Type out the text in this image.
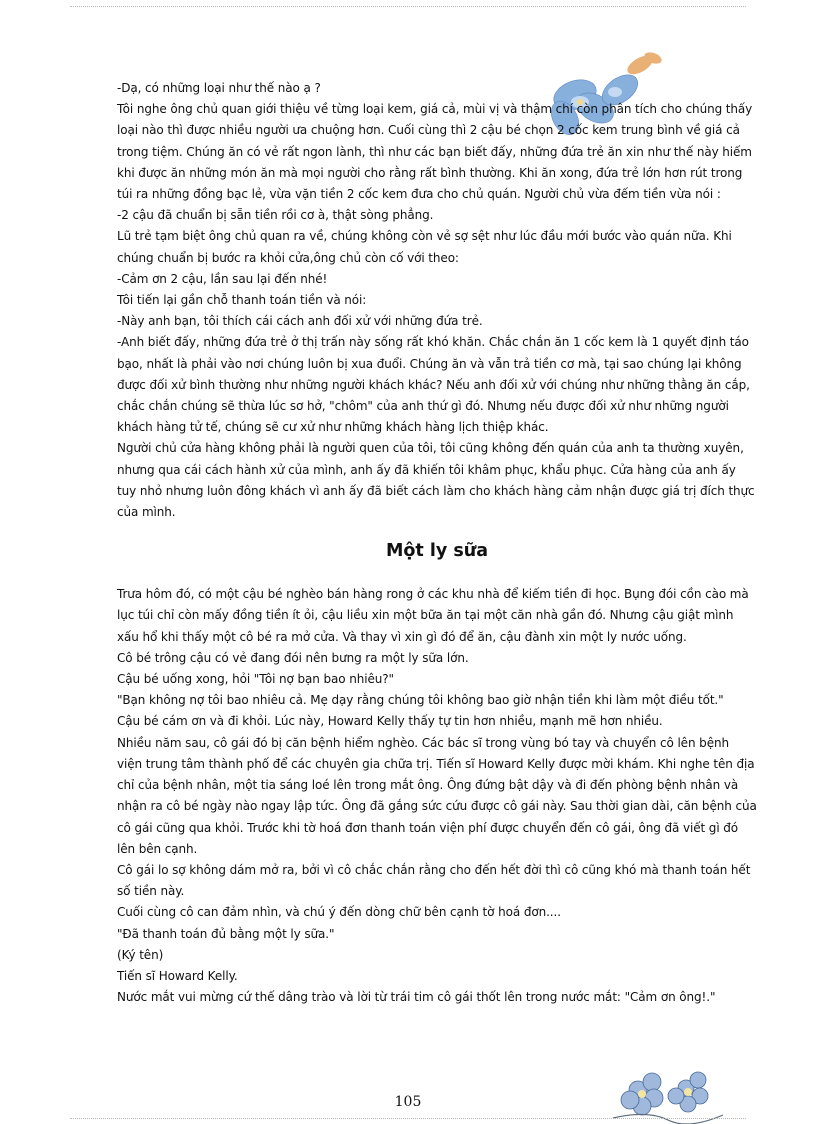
-Dạ, có những loại như thế nào ạ ?

Tôi nghe ông chủ quan giới thiệu về từng loại kem, giá cả, mùi vị và thậm chí còn phân tích cho chúng thấy loại nào thì được nhiều người ưa chuộng hơn. Cuối cùng thì 2 cậu bé chọn 2 cốc kem trung bình về giá cả trong tiệm. Chúng ăn có vẻ rất ngon lành, thì như các bạn biết đấy, những đứa trẻ ăn xin như thế này hiếm khi được ăn những món ăn mà mọi người cho rằng rất bình thường. Khi ăn xong, đứa trẻ lớn hơn rút trong túi ra những đồng bạc lẻ, vừa vặn tiền 2 cốc kem đưa cho chủ quán. Người chủ vừa đếm tiền vừa nói :

-2 cậu đã chuẩn bị sẵn tiền rồi cơ à, thật sòng phẳng.

Lũ trẻ tạm biệt ông chủ quan ra về, chúng không còn vẻ sợ sệt như lúc đầu mới bước vào quán nữa. Khi chúng chuẩn bị bước ra khỏi cửa,ông chủ còn cố với theo:

-Cảm ơn 2 cậu, lần sau lại đến nhé!

Tôi tiến lại gần chỗ thanh toán tiền và nói:

-Này anh bạn, tôi thích cái cách anh đối xử với những đứa trẻ.

-Anh biết đấy, những đứa trẻ ở thị trấn này sống rất khó khăn. Chắc chắn ăn 1 cốc kem là 1 quyết định táo bạo, nhất là phải vào nơi chúng luôn bị xua đuổi. Chúng ăn và vẫn trả tiền cơ mà, tại sao chúng lại không được đối xử bình thường như những người khách khác? Nếu anh đối xử với chúng như những thằng ăn cắp, chắc chắn chúng sẽ thừa lúc sơ hở, "chôm" của anh thứ gì đó. Nhưng nếu được đối xử như những người khách hàng tử tế, chúng sẽ cư xử như những khách hàng lịch thiệp khác.

Người chủ cửa hàng không phải là người quen của tôi, tôi cũng không đến quán của anh ta thường xuyên, nhưng qua cái cách hành xử của mình, anh ấy đã khiến tôi khâm phục, khẩu phục. Cửa hàng của anh ấy tuy nhỏ nhưng luôn đông khách vì anh ấy đã biết cách làm cho khách hàng cảm nhận được giá trị đích thực của mình.

Một ly sữa

Trưa hôm đó, có một cậu bé nghèo bán hàng rong ở các khu nhà để kiếm tiền đi học. Bụng đói cồn cào mà lục túi chỉ còn mấy đồng tiền ít ỏi, cậu liều xin một bữa ăn tại một căn nhà gần đó. Nhưng cậu giật mình xấu hổ khi thấy một cô bé ra mở cửa. Và thay vì xin gì đó để ăn, cậu đành xin một ly nước uống.

Cô bé trông cậu có vẻ đang đói nên bưng ra một ly sữa lớn.

Cậu bé uống xong, hỏi "Tôi nợ bạn bao nhiêu?"

"Bạn không nợ tôi bao nhiêu cả. Mẹ dạy rằng chúng tôi không bao giờ nhận tiền khi làm một điều tốt."

Cậu bé cám ơn và đi khỏi. Lúc này, Howard Kelly thấy tự tin hơn nhiều, mạnh mẽ hơn nhiều.

Nhiều năm sau, cô gái đó bị căn bệnh hiểm nghèo. Các bác sĩ trong vùng bó tay và chuyển cô lên bệnh viện trung tâm thành phố để các chuyên gia chữa trị. Tiến sĩ Howard Kelly được mời khám. Khi nghe tên địa chỉ của bệnh nhân, một tia sáng loé lên trong mắt ông. Ông đứng bật dậy và đi đến phòng bệnh nhân và nhận ra cô bé ngày nào ngay lập tức. Ông đã gắng sức cứu được cô gái này. Sau thời gian dài, căn bệnh của cô gái cũng qua khỏi. Trước khi tờ hoá đơn thanh toán viện phí được chuyển đến cô gái, ông đã viết gì đó lên bên cạnh.

Cô gái lo sợ không dám mở ra, bởi vì cô chắc chắn rằng cho đến hết đời thì cô cũng khó mà thanh toán hết số tiền này.

Cuối cùng cô can đảm nhìn, và chú ý đến dòng chữ bên cạnh tờ hoá đơn....

"Đã thanh toán đủ bằng một ly sữa."

(Ký tên)

Tiến sĩ Howard Kelly.

Nước mắt vui mừng cứ thế dâng trào và lời từ trái tim cô gái thốt lên trong nước mắt: "Cảm ơn ông!."

105
